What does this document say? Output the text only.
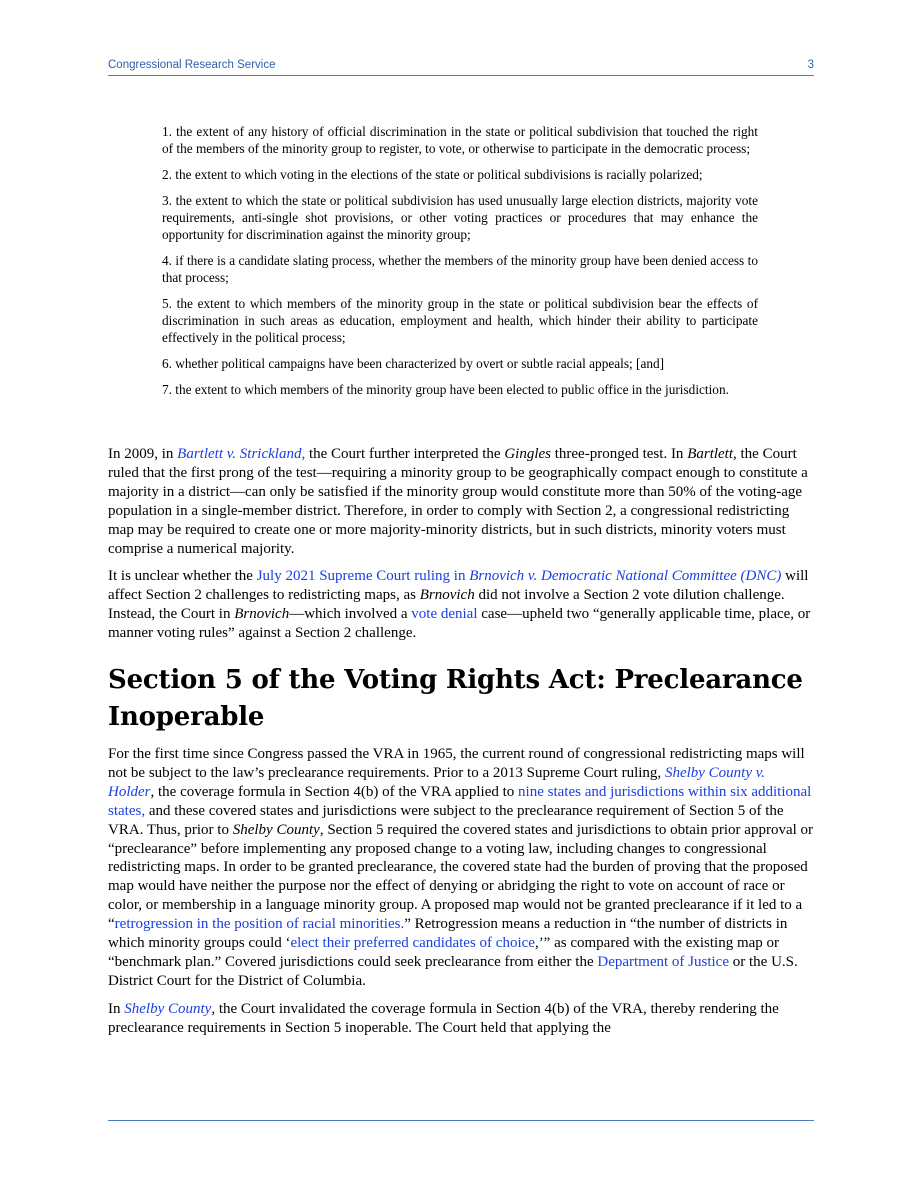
Congressional Research Service	3

1. the extent of any history of official discrimination in the state or political subdivision that touched the right of the members of the minority group to register, to vote, or otherwise to participate in the democratic process;

2. the extent to which voting in the elections of the state or political subdivisions is racially polarized;

3. the extent to which the state or political subdivision has used unusually large election districts, majority vote requirements, anti-single shot provisions, or other voting practices or procedures that may enhance the opportunity for discrimination against the minority group;

4. if there is a candidate slating process, whether the members of the minority group have been denied access to that process;

5. the extent to which members of the minority group in the state or political subdivision bear the effects of discrimination in such areas as education, employment and health, which hinder their ability to participate effectively in the political process;

6. whether political campaigns have been characterized by overt or subtle racial appeals; [and]

7. the extent to which members of the minority group have been elected to public office in the jurisdiction.

In 2009, in Bartlett v. Strickland, the Court further interpreted the Gingles three-pronged test. In Bartlett, the Court ruled that the first prong of the test—requiring a minority group to be geographically compact enough to constitute a majority in a district—can only be satisfied if the minority group would constitute more than 50% of the voting-age population in a single-member district. Therefore, in order to comply with Section 2, a congressional redistricting map may be required to create one or more majority-minority districts, but in such districts, minority voters must comprise a numerical majority.

It is unclear whether the July 2021 Supreme Court ruling in Brnovich v. Democratic National Committee (DNC) will affect Section 2 challenges to redistricting maps, as Brnovich did not involve a Section 2 vote dilution challenge. Instead, the Court in Brnovich—which involved a vote denial case—upheld two “generally applicable time, place, or manner voting rules” against a Section 2 challenge.

Section 5 of the Voting Rights Act: Preclearance Inoperable

For the first time since Congress passed the VRA in 1965, the current round of congressional redistricting maps will not be subject to the law’s preclearance requirements. Prior to a 2013 Supreme Court ruling, Shelby County v. Holder, the coverage formula in Section 4(b) of the VRA applied to nine states and jurisdictions within six additional states, and these covered states and jurisdictions were subject to the preclearance requirement of Section 5 of the VRA. Thus, prior to Shelby County, Section 5 required the covered states and jurisdictions to obtain prior approval or “preclearance” before implementing any proposed change to a voting law, including changes to congressional redistricting maps. In order to be granted preclearance, the covered state had the burden of proving that the proposed map would have neither the purpose nor the effect of denying or abridging the right to vote on account of race or color, or membership in a language minority group. A proposed map would not be granted preclearance if it led to a “retrogression in the position of racial minorities.” Retrogression means a reduction in “the number of districts in which minority groups could ‘elect their preferred candidates of choice,’” as compared with the existing map or “benchmark plan.” Covered jurisdictions could seek preclearance from either the Department of Justice or the U.S. District Court for the District of Columbia.

In Shelby County, the Court invalidated the coverage formula in Section 4(b) of the VRA, thereby rendering the preclearance requirements in Section 5 inoperable. The Court held that applying the
